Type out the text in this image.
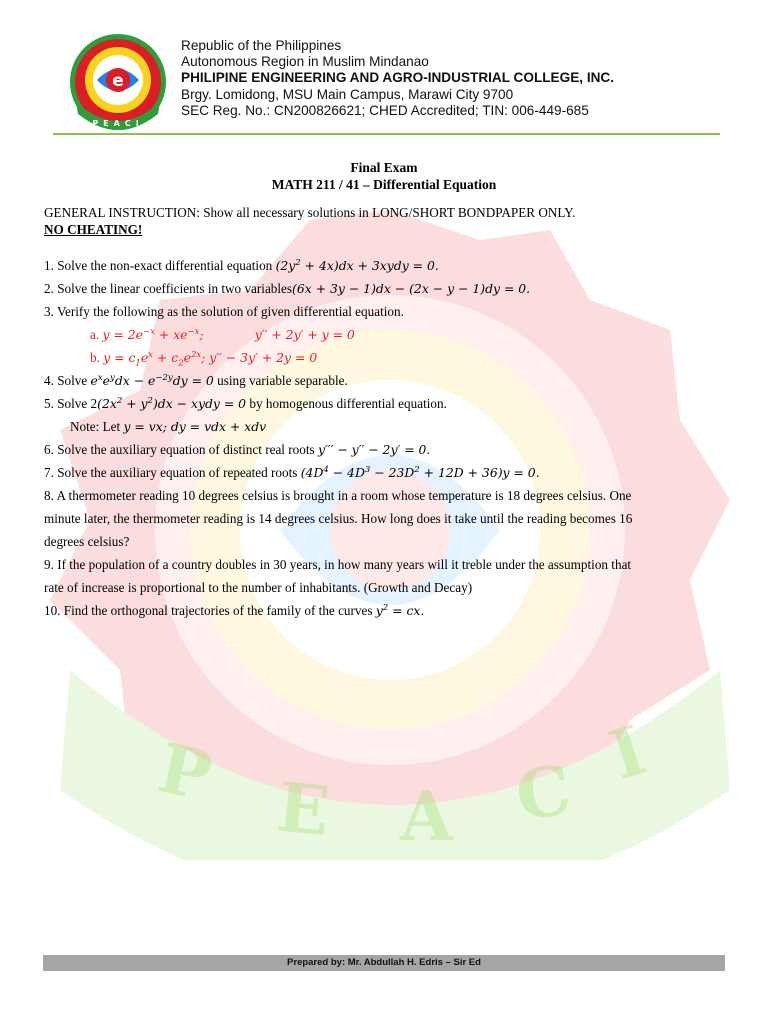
P E A C I
e
PEACI
Republic of the Philippines
Autonomous Region in Muslim Mindanao
PHILIPINE ENGINEERING AND AGRO-INDUSTRIAL COLLEGE, INC.
Brgy. Lomidong, MSU Main Campus, Marawi City 9700
SEC Reg. No.: CN200826621; CHED Accredited; TIN: 006-449-685
Final Exam
MATH 211 / 41 – Differential Equation

GENERAL INSTRUCTION: Show all necessary solutions in LONG/SHORT BONDPAPER ONLY.

NO CHEATING!

1. Solve the non-exact differential equation $(2y^2 + 4x)dx$ + 3xydy = 0.
2. Solve the linear coefficients in two variables(6x + 3y − 1)dx − (2x − y − 1)dy = 0.
3. Verify the following as the solution of given differential equation.
a. $y = 2e^{-x} + xe^{-x}$;             y′′ + 2y′ + y = 0
b. $y = c_1e^x + c_2e^{2x}$; y′′ − 3y′ + 2y = 0
4. Solve $e^xe^ydx - e^{-2y}dy = 0$ using variable separable.
5. Solve $2(2x^2 + y^2)dx$ − xydy = 0 by homogenous differential equation.
Note: Let y = vx; dy = vdx + xdv
6. Solve the auxiliary equation of distinct real roots y′′′ − y′′ − 2y′ = 0.
7. Solve the auxiliary equation of repeated roots $(4D^4 - 4D^3 - 23D^2 + 12D + 36)y = 0$.
8. A thermometer reading 10 degrees celsius is brought in a room whose temperature is 18 degrees celsius. One
minute later, the thermometer reading is 14 degrees celsius. How long does it take until the reading becomes 16
degrees celsius?
9. If the population of a country doubles in 30 years, in how many years will it treble under the assumption that
rate of increase is proportional to the number of inhabitants. (Growth and Decay)
10. Find the orthogonal trajectories of the family of the curves $y^2$ = cx.
Prepared by: Mr. Abdullah H. Edris – Sir Ed
